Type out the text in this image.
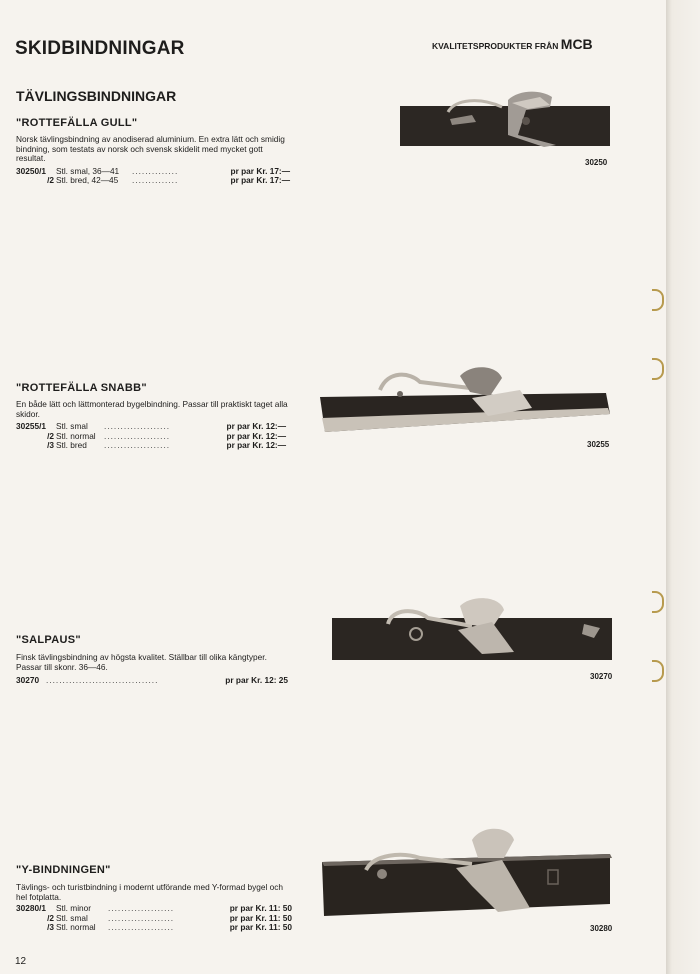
SKIDBINDNINGAR	KVALITETSPRODUKTER FRÅN MCB
TÄVLINGSBINDNINGAR
"ROTTEFÄLLA GULL"
Norsk tävlingsbindning av anodiserad aluminium. En extra lätt och smidig bindning, som testats av norsk och svensk skidelit med mycket gott resultat.
30250/1	Stl. smal, 36—41	..............	pr par Kr. 17:—
/2	Stl. bred, 42—45	..............	pr par Kr. 17:—
30250
"ROTTEFÄLLA SNABB"
En både lätt och lättmonterad bygelbindning. Passar till praktiskt taget alla skidor.
30255/1	Stl. smal	....................	pr par Kr. 12:—
/2	Stl. normal	....................	pr par Kr. 12:—
/3	Stl. bred	....................	pr par Kr. 12:—	30255
"SALPAUS"
Finsk tävlingsbindning av högsta kvalitet. Ställbar till olika kängtyper. Passar till skonr. 36—46.
30270		..................................	pr par Kr. 12: 25	30270
"Y-BINDNINGEN"
Tävlings- och turistbindning i modernt utförande med Y-formad bygel och hel fotplatta.
30280/1	Stl. minor	....................	pr par Kr. 11: 50
/2	Stl. smal	....................	pr par Kr. 11: 50
/3	Stl. normal	....................	pr par Kr. 11: 50	30280
12
